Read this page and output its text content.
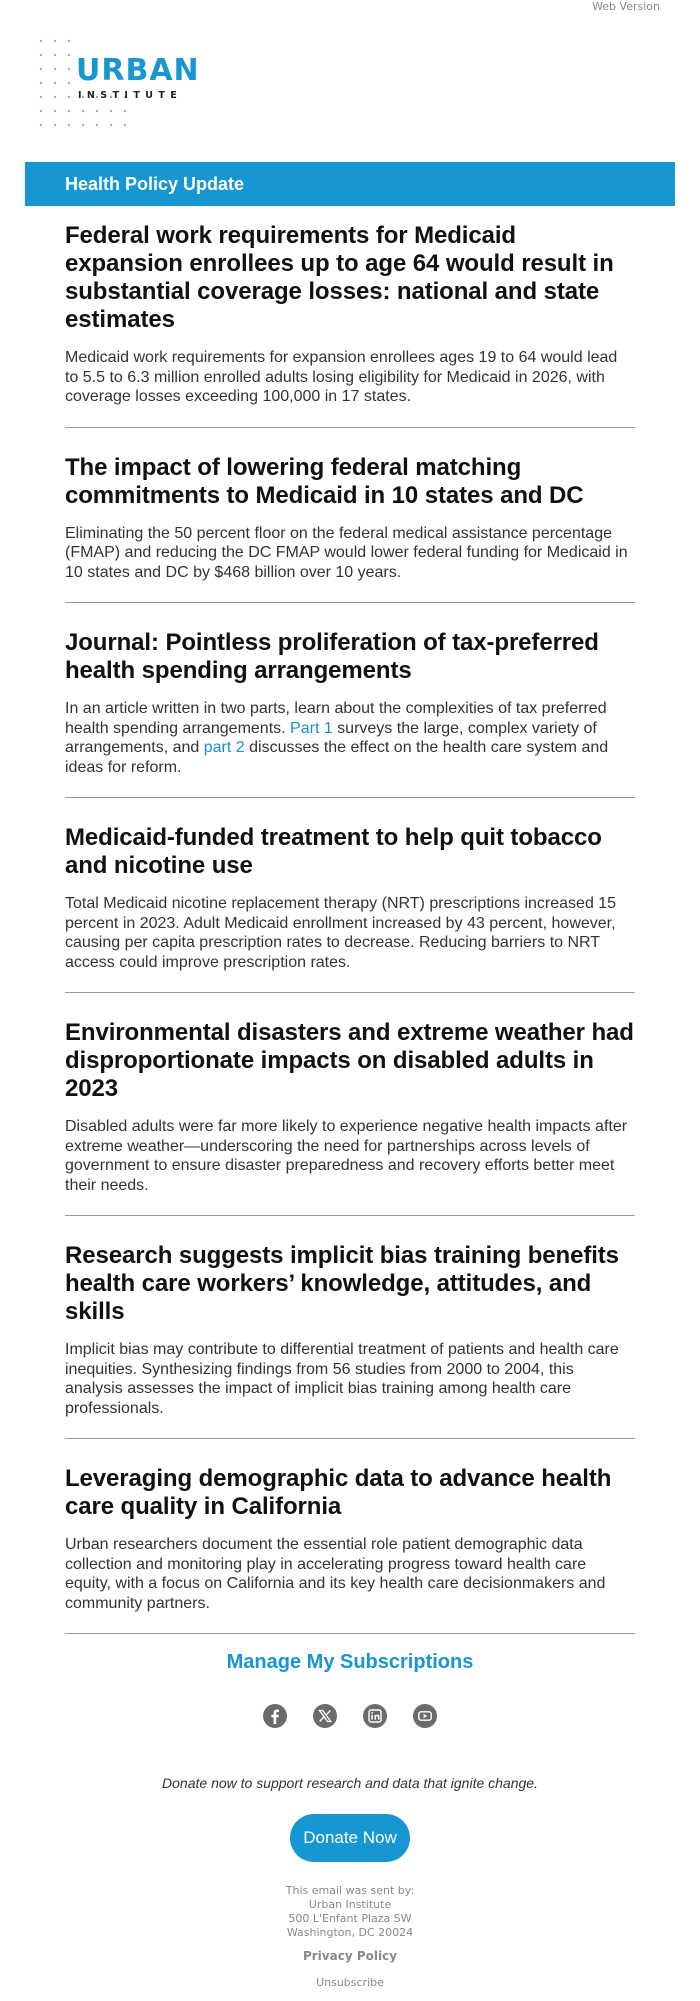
Web Version
URBAN
INSTITUTE
Health Policy Update
Federal work requirements for Medicaid expansion enrollees up to age 64 would result in substantial coverage losses: national and state estimates

Medicaid work requirements for expansion enrollees ages 19 to 64 would lead to 5.5 to 6.3 million enrolled adults losing eligibility for Medicaid in 2026, with coverage losses exceeding 100,000 in 17 states.

The impact of lowering federal matching commitments to Medicaid in 10 states and DC

Eliminating the 50 percent floor on the federal medical assistance percentage (FMAP) and reducing the DC FMAP would lower federal funding for Medicaid in 10 states and DC by $468 billion over 10 years.

Journal: Pointless proliferation of tax-preferred health spending arrangements

In an article written in two parts, learn about the complexities of tax preferred health spending arrangements. Part 1 surveys the large, complex variety of arrangements, and part 2 discusses the effect on the health care system and ideas for reform.

Medicaid-funded treatment to help quit tobacco and nicotine use

Total Medicaid nicotine replacement therapy (NRT) prescriptions increased 15 percent in 2023. Adult Medicaid enrollment increased by 43 percent, however, causing per capita prescription rates to decrease. Reducing barriers to NRT access could improve prescription rates.

Environmental disasters and extreme weather had disproportionate impacts on disabled adults in 2023

Disabled adults were far more likely to experience negative health impacts after extreme weather—underscoring the need for partnerships across levels of government to ensure disaster preparedness and recovery efforts better meet their needs.

Research suggests implicit bias training benefits health care workers’ knowledge, attitudes, and skills

Implicit bias may contribute to differential treatment of patients and health care inequities. Synthesizing findings from 56 studies from 2000 to 2004, this analysis assesses the impact of implicit bias training among health care professionals.

Leveraging demographic data to advance health care quality in California

Urban researchers document the essential role patient demographic data collection and monitoring play in accelerating progress toward health care equity, with a focus on California and its key health care decisionmakers and community partners.

Manage My Subscriptions
Donate now to support research and data that ignite change.
Donate Now
This email was sent by:
Urban Institute
500 L'Enfant Plaza SW
Washington, DC 20024
Privacy Policy
Unsubscribe
